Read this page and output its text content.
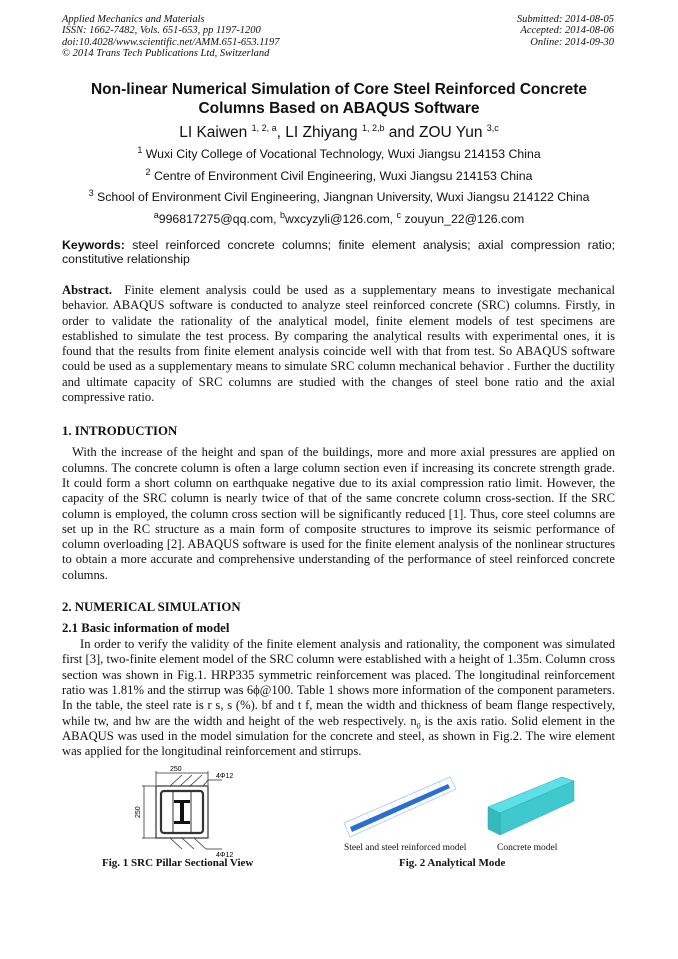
Applied Mechanics and Materials
ISSN: 1662-7482, Vols. 651-653, pp 1197-1200
doi:10.4028/www.scientific.net/AMM.651-653.1197
© 2014 Trans Tech Publications Ltd, Switzerland
Submitted: 2014-08-05
Accepted: 2014-08-06
Online: 2014-09-30
Non-linear Numerical Simulation of Core Steel Reinforced Concrete
Columns Based on ABAQUS Software
LI Kaiwen $^{1, 2, a}$, LI Zhiyang $^{1, 2,b}$ and ZOU Yun $^{3,c}$
$^1$ Wuxi City College of Vocational Technology, Wuxi Jiangsu 214153 China
$^2$ Centre of Environment Civil Engineering, Wuxi Jiangsu 214153 China
$^3$ School of Environment Civil Engineering, Jiangnan University, Wuxi Jiangsu 214122 China
$^a$996817275@qq.com, $^b$wxcyzyli@126.com, $^c$ zouyun_22@126.com
Keywords: steel reinforced concrete columns; finite element analysis; axial compression ratio; constitutive relationship
Abstract. Finite element analysis could be used as a supplementary means to investigate mechanical behavior. ABAQUS software is conducted to analyze steel reinforced concrete (SRC) columns. Firstly, in order to validate the rationality of the analytical model, finite element models of test specimens are established to simulate the test process. By comparing the analytical results with experimental ones, it is found that the results from finite element analysis coincide well with that from test. So ABAQUS software could be used as a supplementary means to simulate SRC column mechanical behavior . Further the ductility and ultimate capacity of SRC columns are studied with the changes of steel bone ratio and the axial compressive ratio.
1. INTRODUCTION
With the increase of the height and span of the buildings, more and more axial pressures are applied on columns. The concrete column is often a large column section even if increasing its concrete strength grade. It could form a short column on earthquake negative due to its axial compression ratio limit. However, the capacity of the SRC column is nearly twice of that of the same concrete column cross-section. If the SRC column is employed, the column cross section will be significantly reduced [1]. Thus, core steel columns are set up in the RC structure as a main form of composite structures to improve its seismic performance of column overloading [2]. ABAQUS software is used for the finite element analysis of the nonlinear structures to obtain a more accurate and comprehensive understanding of the performance of steel reinforced concrete columns.
2. NUMERICAL SIMULATION
2.1 Basic information of model
In order to verify the validity of the finite element analysis and rationality, the component was simulated first [3], two-finite element model of the SRC column were established with a height of 1.35m. Column cross section was shown in Fig.1. HRP335 symmetric reinforcement was placed. The longitudinal reinforcement ratio was 1.81% and the stirrup was 6ϕ@100. Table 1 shows more information of the component parameters. In the table, the steel rate is r s, s (%). bf and t f, mean the width and thickness of beam flange respectively, while tw, and hw are the width and height of the web respectively. $n_0$ is the axis ratio. Solid element in the ABAQUS was used in the model simulation for the concrete and steel, as shown in Fig.2. The wire element was applied for the longitudinal reinforcement and stirrups.
250
250
4Φ12
4Φ12
Fig. 1 SRC Pillar Sectional View
Steel and steel reinforced model	Concrete model
Fig. 2 Analytical Mode
